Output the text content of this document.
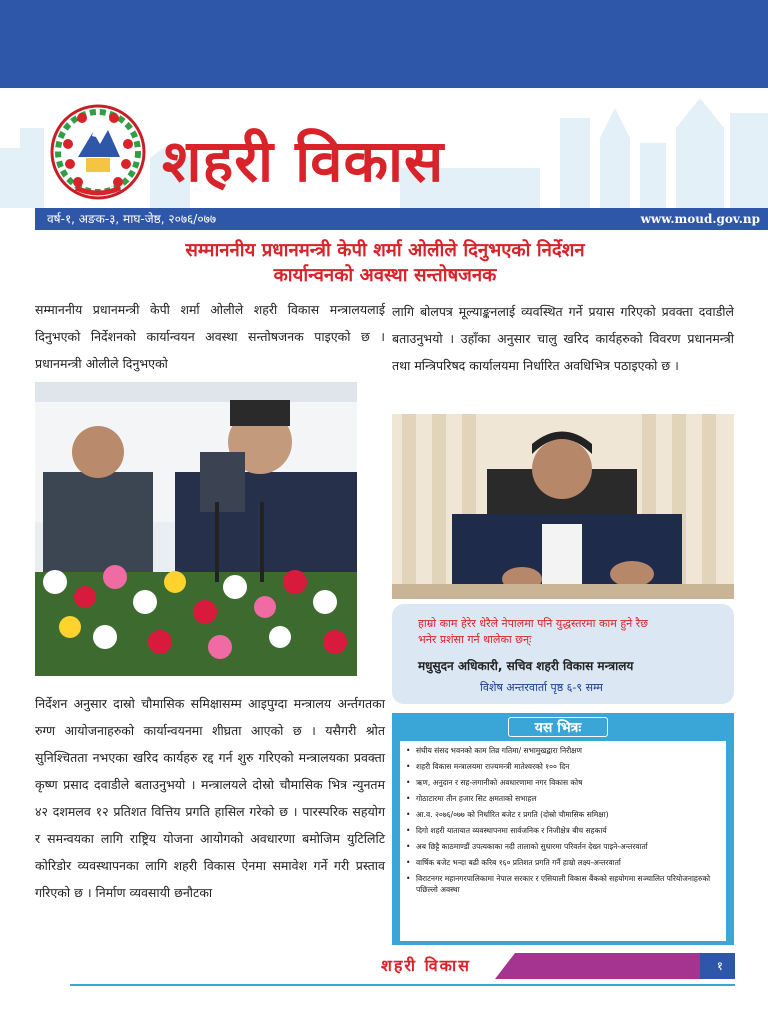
शहरी विकास
वर्ष-१, अङक-३, माघ-जेष्ठ, २०७६/०७७	www.moud.gov.np
सम्माननीय प्रधानमन्त्री केपी शर्मा ओलीले दिनुभएको निर्देशन
कार्यान्वनको अवस्था सन्तोषजनक

सम्माननीय प्रधानमन्त्री केपी शर्मा ओलीले शहरी विकास मन्त्रालयलाई दिनुभएको निर्देशनको कार्यान्वयन अवस्था सन्तोषजनक पाइएको छ । प्रधानमन्त्री ओलीले दिनुभएको

निर्देशन अनुसार दास्रो चौमासिक समिक्षासम्म आइपुग्दा मन्त्रालय अर्न्तगतका रुग्ण आयोजनाहरुको कार्यान्वयनमा शीघ्रता आएको छ । यसैगरी श्रोत सुनिश्चितता नभएका खरिद कार्यहरु रद्द गर्न शुरु गरिएको मन्त्रालयका प्रवक्ता कृष्ण प्रसाद दवाडीले बताउनुभयो । मन्त्रालयले दोस्रो चौमासिक भित्र न्युनतम ४२ दशमलव १२ प्रतिशत वित्तिय प्रगति हासिल गरेको छ । पारस्परिक सहयोग र समन्वयका लागि राष्ट्रिय योजना आयोगको अवधारणा बमोजिम युटिलिटि कोरिडोर व्यवस्थापनका लागि शहरी विकास ऐनमा समावेश गर्ने गरी प्रस्ताव गरिएको छ । निर्माण व्यवसायी छनौटका

लागि बोलपत्र मूल्याङ्कनलाई व्यवस्थित गर्ने प्रयास गरिएको प्रवक्ता दवाडीले बताउनुभयो । उहाँका अनुसार चालु खरिद कार्यहरुको विवरण प्रधानमन्त्री तथा मन्त्रिपरिषद कार्यालयमा निर्धारित अवधिभित्र पठाइएको छ ।

हाम्रो काम हेरेर धेरैले नेपालमा पनि युद्धस्तरमा काम हुने रैछ
भनेर प्रशंसा गर्न थालेका छन्ः
मधुसुदन अधिकारी, सचिव शहरी विकास मन्त्रालय
विशेष अन्तरवार्ता पृष्ठ ६-९ सम्म
यस भित्रः
• संघीय संसद भवनको काम तिव्र गतिमा/ सभामुखद्वारा निरीक्षण
• शहरी विकास मन्त्रालयमा राज्यमन्त्री मातेश्वरको १०० दिन
• ऋण, अनुदान र सह-लगानीको अवधारणामा नगर विकास कोष
• गोठाटारमा तीन हजार सिट क्षमताको सभाहल
• आ.व. २०७६/०७७ को निर्धारित बजेट र प्रगति (दोस्रो चौमासिक समिक्षा)
• दिगो शहरी यातायात व्यवस्थापनमा सार्वजनिक र निजीक्षेत्र बीच सहकार्य
• अब छिट्टै काठमाण्डौं उपत्यकाका नदी तालाको सुधारमा परिवर्तन देख्न पाइने-अन्तरवार्ता
• वार्षिक बजेट भन्दा बढी करिब १६० प्रतिशत प्रगति गर्नै हाम्रो लक्ष्य-अन्तरवार्ता
• विराटनगर महानगरपालिकामा नेपाल सरकार र एसियाली विकास बैंकको सहयोगमा सञ्चालित परियोजनाहरुको पछिल्लो अवस्था
शहरी विकास	१
